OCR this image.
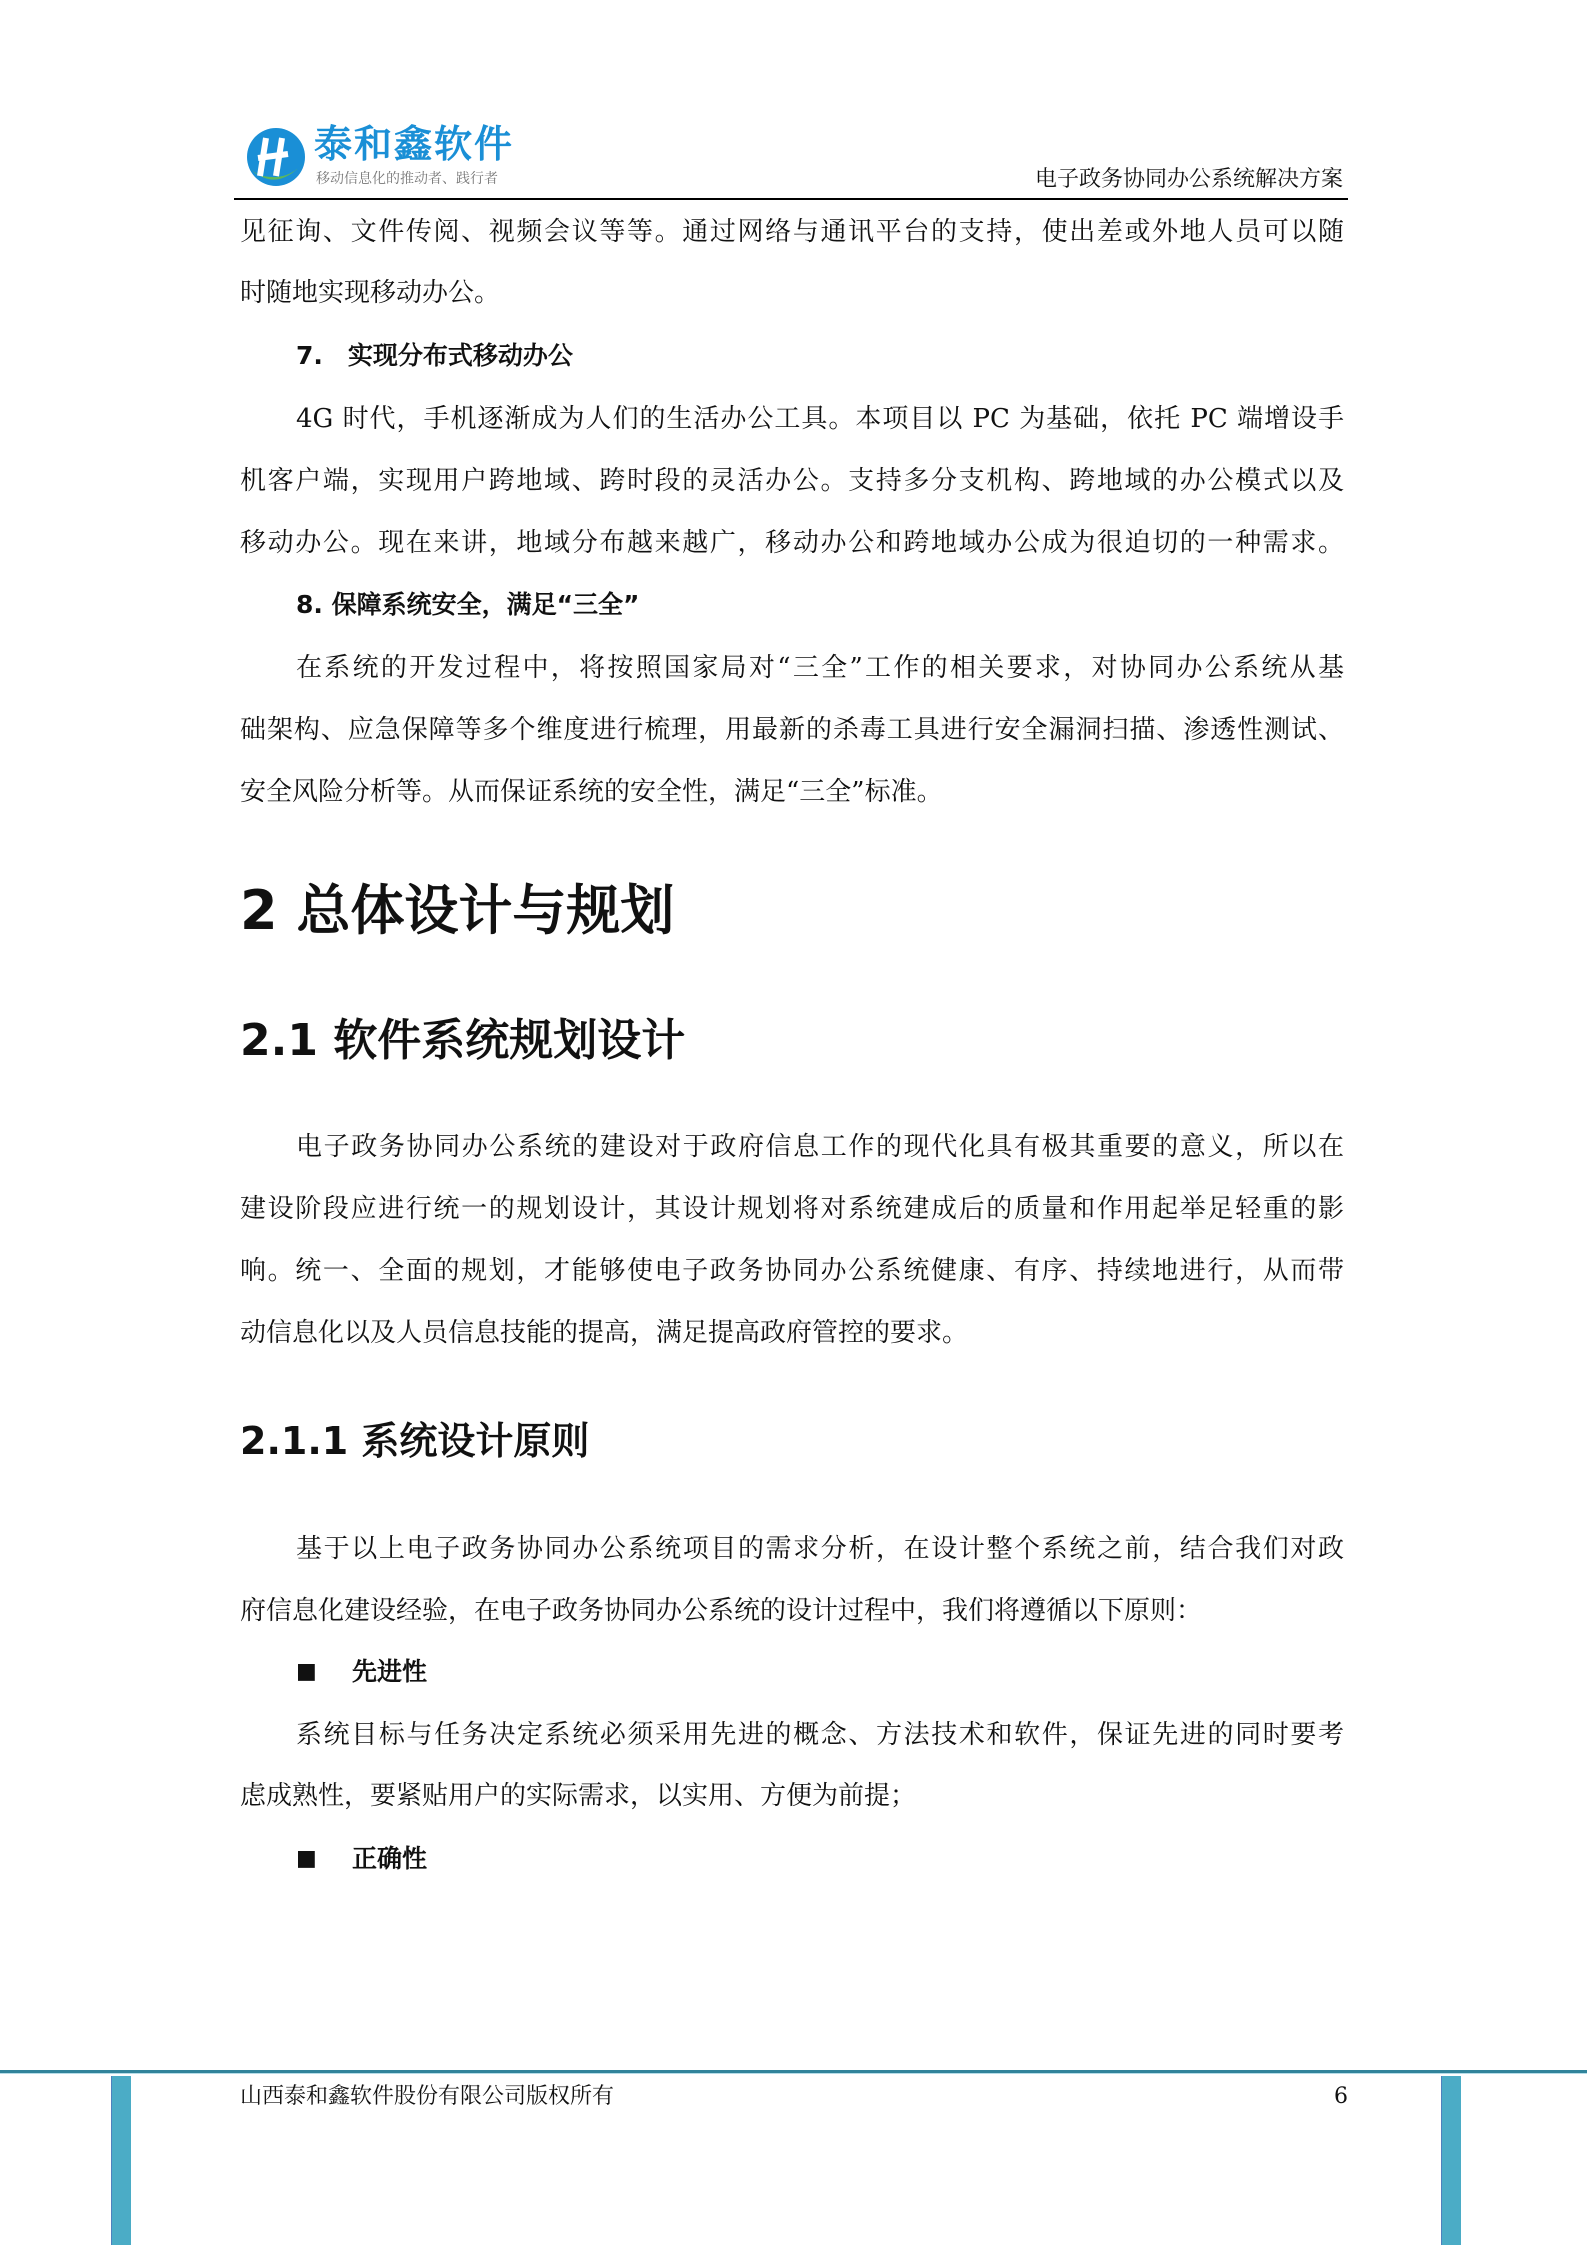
泰和鑫软件
移动信息化的推动者、践行者	电子政务协同办公系统解决方案
见征询、文件传阅、视频会议等等。通过网络与通讯平台的支持，使出差或外地人员可以随
时随地实现移动办公。
7.　实现分布式移动办公
4G 时代，手机逐渐成为人们的生活办公工具。本项目以 PC 为基础，依托 PC 端增设手
机客户端，实现用户跨地域、跨时段的灵活办公。支持多分支机构、跨地域的办公模式以及
移动办公。现在来讲，地域分布越来越广，移动办公和跨地域办公成为很迫切的一种需求。
8. 保障系统安全，满足“三全”
在系统的开发过程中，将按照国家局对“三全”工作的相关要求，对协同办公系统从基
础架构、应急保障等多个维度进行梳理，用最新的杀毒工具进行安全漏洞扫描、渗透性测试、
安全风险分析等。从而保证系统的安全性，满足“三全”标准。
2 总体设计与规划
2.1 软件系统规划设计
电子政务协同办公系统的建设对于政府信息工作的现代化具有极其重要的意义，所以在
建设阶段应进行统一的规划设计，其设计规划将对系统建成后的质量和作用起举足轻重的影
响。统一、全面的规划，才能够使电子政务协同办公系统健康、有序、持续地进行，从而带
动信息化以及人员信息技能的提高，满足提高政府管控的要求。
2.1.1 系统设计原则
基于以上电子政务协同办公系统项目的需求分析，在设计整个系统之前，结合我们对政
府信息化建设经验，在电子政务协同办公系统的设计过程中，我们将遵循以下原则：
■ 先进性
系统目标与任务决定系统必须采用先进的概念、方法技术和软件，保证先进的同时要考
虑成熟性，要紧贴用户的实际需求，以实用、方便为前提；
■ 正确性
山西泰和鑫软件股份有限公司版权所有	6
